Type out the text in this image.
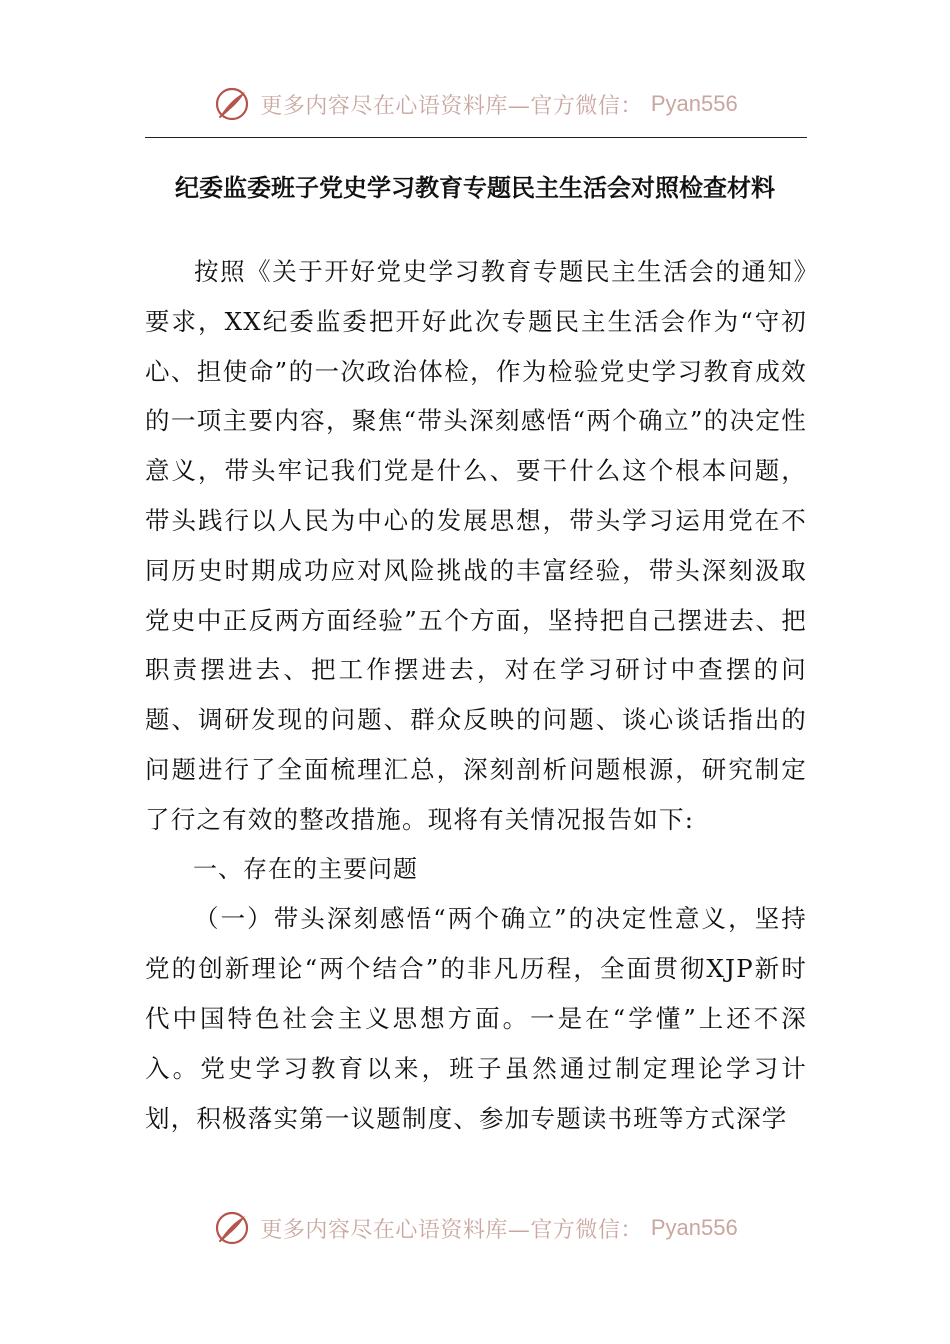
更多内容尽在心语资料库—官方微信： Pyan556
纪委监委班子党史学习教育专题民主生活会对照检查材料

按照《关于开好党史学习教育专题民主生活会的通知》要求，XX纪委监委把开好此次专题民主生活会作为“守初心、担使命”的一次政治体检，作为检验党史学习教育成效的一项主要内容，聚焦“带头深刻感悟“两个确立”的决定性意义，带头牢记我们党是什么、要干什么这个根本问题，带头践行以人民为中心的发展思想，带头学习运用党在不同历史时期成功应对风险挑战的丰富经验，带头深刻汲取党史中正反两方面经验”五个方面，坚持把自己摆进去、把职责摆进去、把工作摆进去，对在学习研讨中查摆的问题、调研发现的问题、群众反映的问题、谈心谈话指出的问题进行了全面梳理汇总，深刻剖析问题根源，研究制定了行之有效的整改措施。现将有关情况报告如下:

一、存在的主要问题

（一）带头深刻感悟“两个确立”的决定性意义，坚持党的创新理论“两个结合”的非凡历程，全面贯彻XJP新时代中国特色社会主义思想方面。一是在“学懂”上还不深入。党史学习教育以来，班子虽然通过制定理论学习计划，积极落实第一议题制度、参加专题读书班等方式深学

更多内容尽在心语资料库—官方微信： Pyan556
